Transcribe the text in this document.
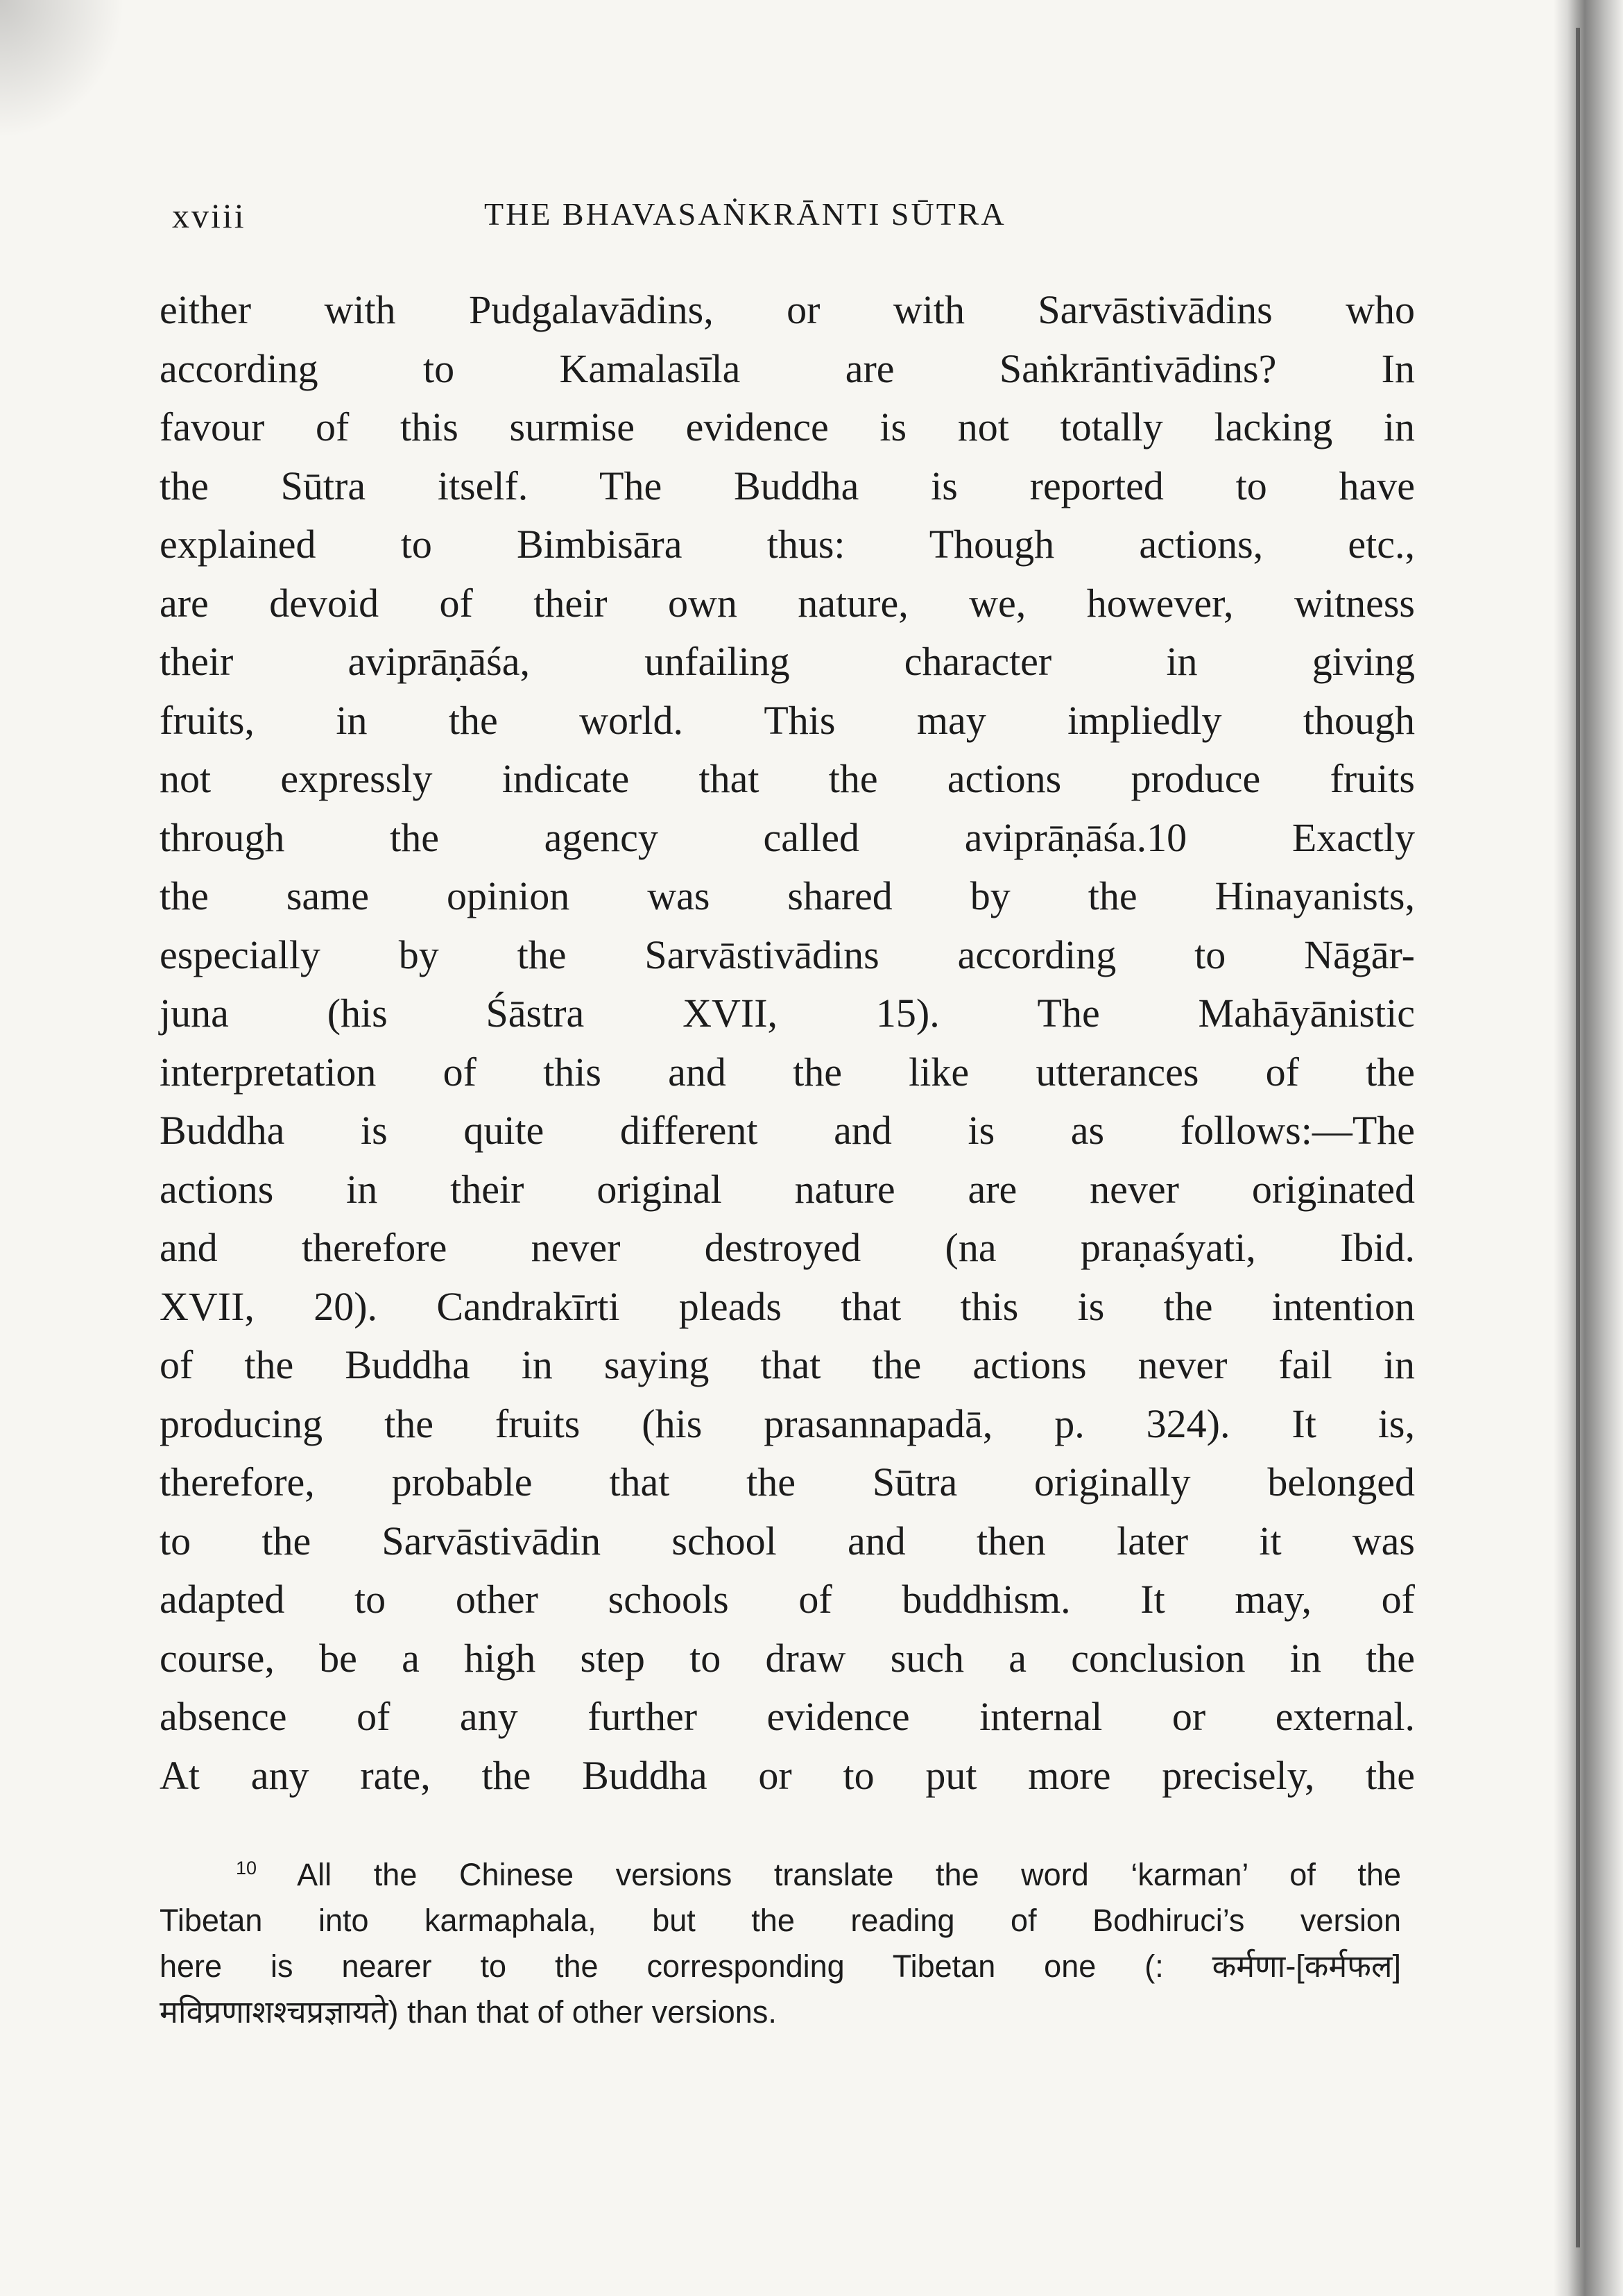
xviii	THE BHAVASAṄKRĀNTI SŪTRA
either with Pudgalavādins, or with Sarvāstivādins who
according to Kamalasīla are Saṅkrāntivādins? In
favour of this surmise evidence is not totally lacking in
the Sūtra itself. The Buddha is reported to have
explained to Bimbisāra thus: Though actions, etc.,
are devoid of their own nature, we, however, witness
their aviprāṇāśa, unfailing character in giving
fruits, in the world. This may impliedly though
not expressly indicate that the actions produce fruits
through the agency called aviprāṇāśa.10 Exactly
the same opinion was shared by the Hinayanists,
especially by the Sarvāstivādins according to Nāgār-
juna (his Śāstra XVII, 15). The Mahāyānistic
interpretation of this and the like utterances of the
Buddha is quite different and is as follows:—The
actions in their original nature are never originated
and therefore never destroyed (na praṇaśyati, Ibid.
XVII, 20). Candrakīrti pleads that this is the intention
of the Buddha in saying that the actions never fail in
producing the fruits (his prasannapadā, p. 324). It is,
therefore, probable that the Sūtra originally belonged
to the Sarvāstivādin school and then later it was
adapted to other schools of buddhism. It may, of
course, be a high step to draw such a conclusion in the
absence of any further evidence internal or external.
At any rate, the Buddha or to put more precisely, the
$^{10}$ All the Chinese versions translate the word ‘karman’ of the
Tibetan into karmaphala, but the reading of Bodhiruci’s version
here is nearer to the corresponding Tibetan one (: कर्मणा-[कर्मफल]
मविप्रणाशश्चप्रज्ञायते) than that of other versions.
